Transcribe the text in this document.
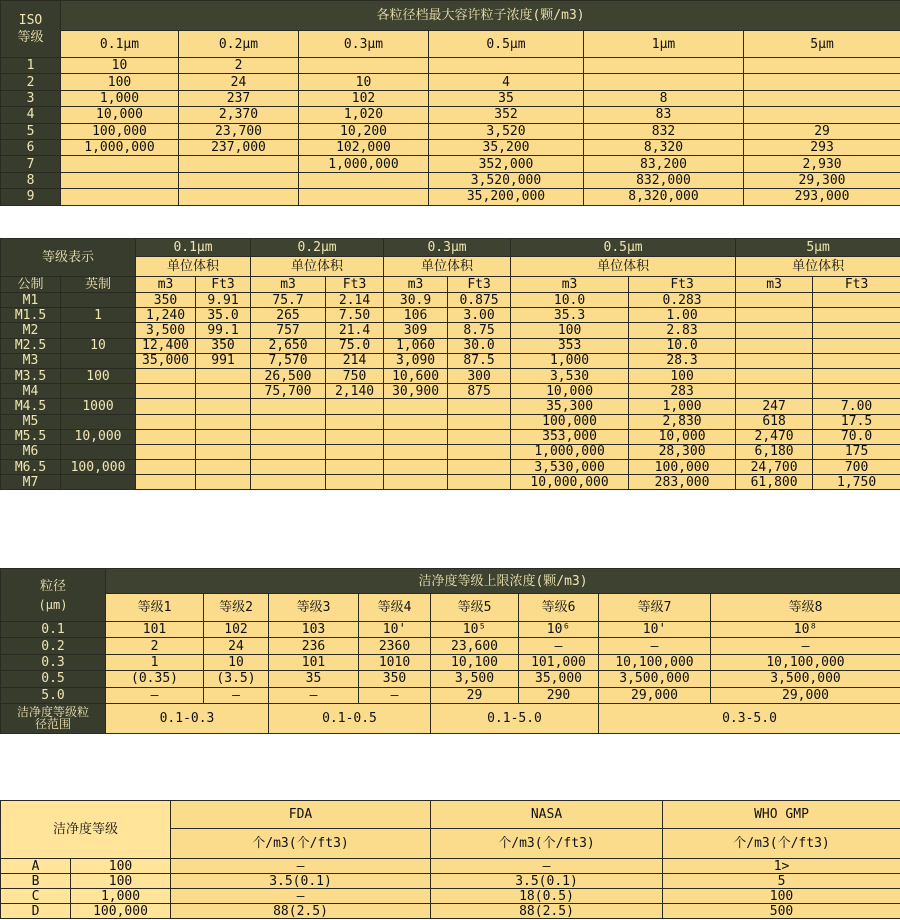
ISO
等级	各粒径档最大容许粒子浓度(颗/m3)					
	0.1μm	0.2μm	0.3μm	0.5μm	1μm	5μm
1	10	2				
2	100	24	10	4		
3	1,000	237	102	35	8	
4	10,000	2,370	1,020	352	83	
5	100,000	23,700	10,200	3,520	832	29
6	1,000,000	237,000	102,000	35,200	8,320	293
7			1,000,000	352,000	83,200	2,930
8				3,520,000	832,000	29,300
9				35,200,000	8,320,000	293,000
等级表示		0.1μm		0.2μm		0.3μm		0.5μm		5μm	
		单位体积		单位体积		单位体积		单位体积		单位体积	
公制	英制	m3	Ft3	m3	Ft3	m3	Ft3	m3	Ft3	m3	Ft3
M1		350	9.91	75.7	2.14	30.9	0.875	10.0	0.283		
M1.5	1	1,240	35.0	265	7.50	106	3.00	35.3	1.00		
M2		3,500	99.1	757	21.4	309	8.75	100	2.83		
M2.5	10	12,400	350	2,650	75.0	1,060	30.0	353	10.0		
M3		35,000	991	7,570	214	3,090	87.5	1,000	28.3		
M3.5	100			26,500	750	10,600	300	3,530	100		
M4				75,700	2,140	30,900	875	10,000	283		
M4.5	1000							35,300	1,000	247	7.00
M5								100,000	2,830	618	17.5
M5.5	10,000							353,000	10,000	2,470	70.0
M6								1,000,000	28,300	6,180	175
M6.5	100,000							3,530,000	100,000	24,700	700
M7								10,000,000	283,000	61,800	1,750
粒径
(μm)	洁净度等级上限浓度(颗/m3)							
	等级1	等级2	等级3	等级4	等级5	等级6	等级7	等级8
0.1	101	102	103	10'	10⁵	10⁶	10'	10⁸
0.2	2	24	236	2360	23,600	–	–	–
0.3	1	10	101	1010	10,100	101,000	10,100,000	10,100,000
0.5	(0.35)	(3.5)	35	350	3,500	35,000	3,500,000	3,500,000
5.0	–	–	–	–	29	290	29,000	29,000

洁净度等级粒
径范围	0.1-0.3		0.1-0.5		0.1-5.0		0.3-5.0	
洁净度等级		FDA	NASA	WHO GMP
		个/m3(个/ft3)	个/m3(个/ft3)	个/m3(个/ft3)
A	100	–	–	1>
B	100	3.5(0.1)	3.5(0.1)	5
C	1,000	–	18(0.5)	100
D	100,000	88(2.5)	88(2.5)	500
